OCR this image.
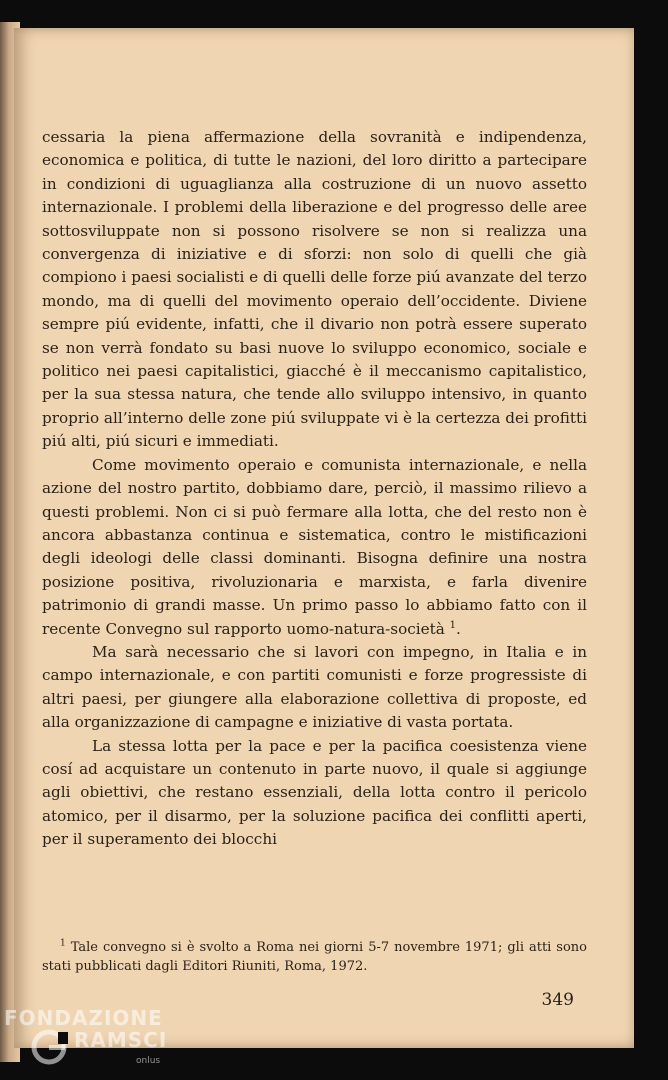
cessaria la piena affermazione della sovranità e indipendenza, economica e politica, di tutte le nazioni, del loro diritto a partecipare in condizioni di uguaglianza alla costruzione di un nuovo assetto internazionale. I problemi della liberazione e del progresso delle aree sottosviluppate non si possono risolvere se non si realizza una convergenza di iniziative e di sforzi: non solo di quelli che già compiono i paesi socialisti e di quelli delle forze piú avanzate del terzo mondo, ma di quelli del movimento operaio dell’occidente. Diviene sempre piú evidente, infatti, che il divario non potrà essere superato se non verrà fondato su basi nuove lo sviluppo economico, sociale e politico nei paesi capitalistici, giacché è il meccanismo capitalistico, per la sua stessa natura, che tende allo sviluppo intensivo, in quanto proprio all’interno delle zone piú sviluppate vi è la certezza dei profitti piú alti, piú sicuri e immediati.

Come movimento operaio e comunista internazionale, e nella azione del nostro partito, dobbiamo dare, perciò, il massimo rilievo a questi problemi. Non ci si può fermare alla lotta, che del resto non è ancora abbastanza continua e sistematica, contro le mistificazioni degli ideologi delle classi dominanti. Bisogna definire una nostra posizione positiva, rivoluzionaria e marxista, e farla divenire patrimonio di grandi masse. Un primo passo lo abbiamo fatto con il recente Convegno sul rapporto uomo-natura-società $^1$.

Ma sarà necessario che si lavori con impegno, in Italia e in campo internazionale, e con partiti comunisti e forze progressiste di altri paesi, per giungere alla elaborazione collettiva di proposte, ed alla organizzazione di campagne e iniziative di vasta portata.

La stessa lotta per la pace e per la pacifica coesistenza viene cosí ad acquistare un contenuto in parte nuovo, il quale si aggiunge agli obiettivi, che restano essenziali, della lotta contro il pericolo atomico, per il disarmo, per la soluzione pacifica dei conflitti aperti, per il superamento dei blocchi

$^1$ Tale convegno si è svolto a Roma nei giorni 5-7 novembre 1971; gli atti sono stati pubblicati dagli Editori Riuniti, Roma, 1972.

349
FONDAZIONE
RAMSCI
onlus
